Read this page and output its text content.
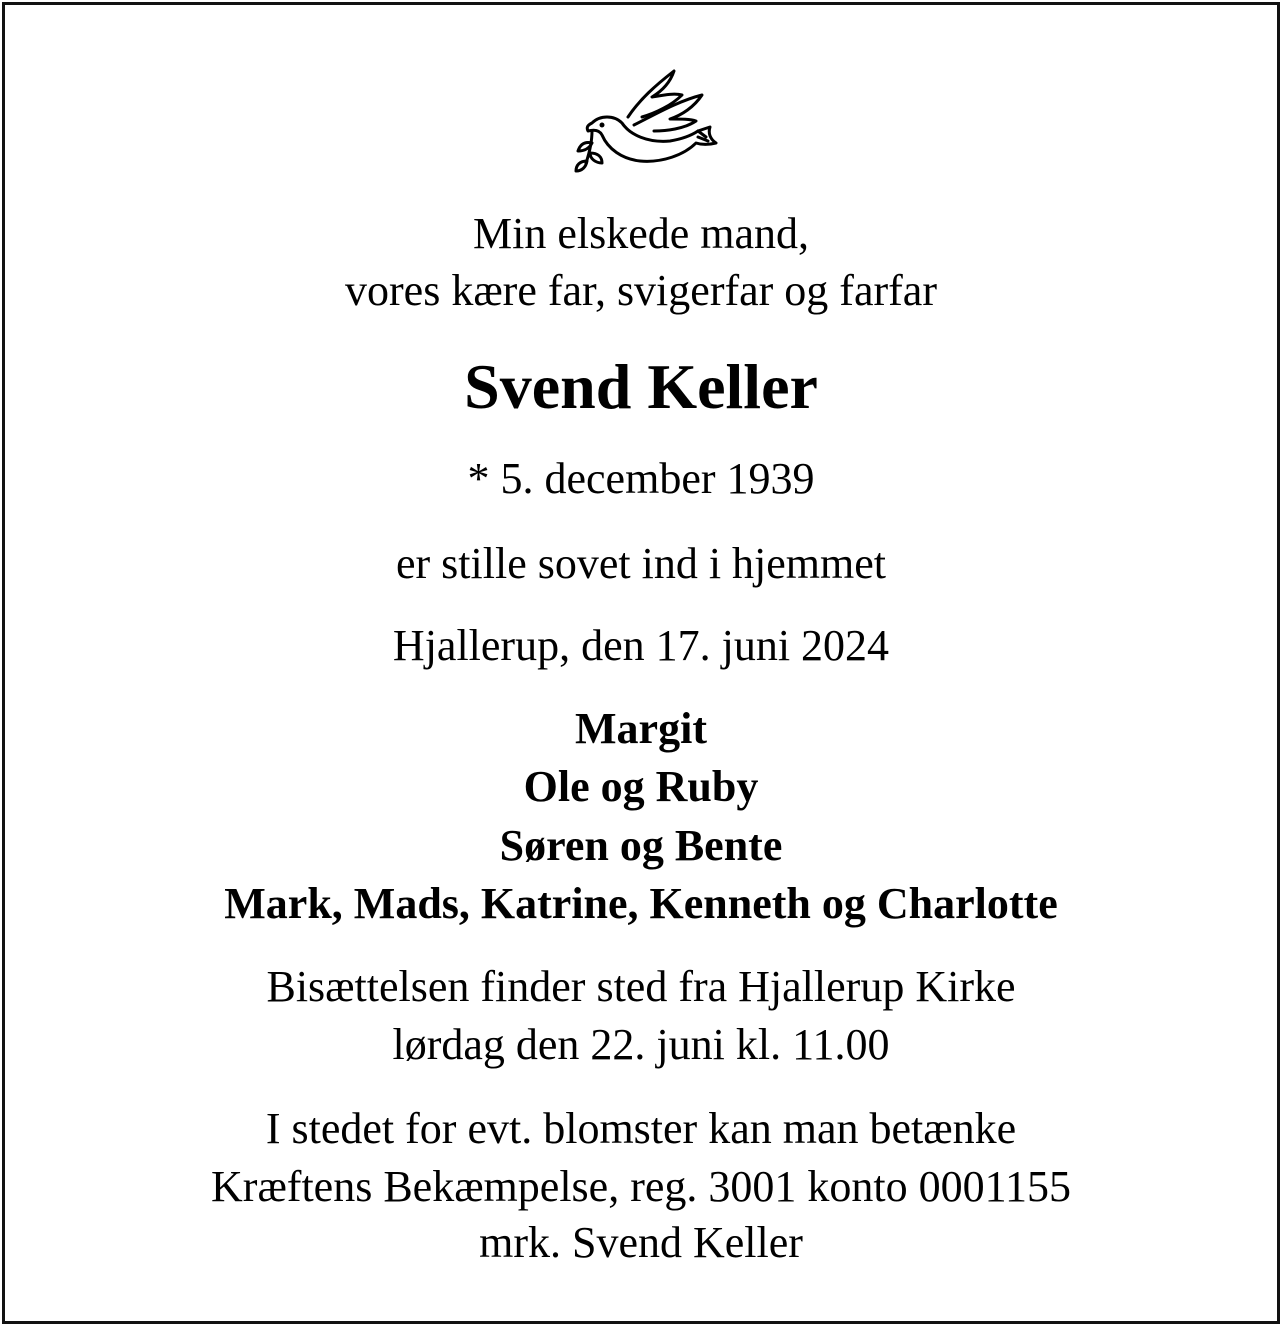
Min elskede mand,
vores kære far, svigerfar og farfar
Svend Keller
* 5. december 1939
er stille sovet ind i hjemmet
Hjallerup, den 17. juni 2024
Margit
Ole og Ruby
Søren og Bente
Mark, Mads, Katrine, Kenneth og Charlotte
Bisættelsen finder sted fra Hjallerup Kirke
lørdag den 22. juni kl. 11.00
I stedet for evt. blomster kan man betænke
Kræftens Bekæmpelse, reg. 3001 konto 0001155
mrk. Svend Keller
